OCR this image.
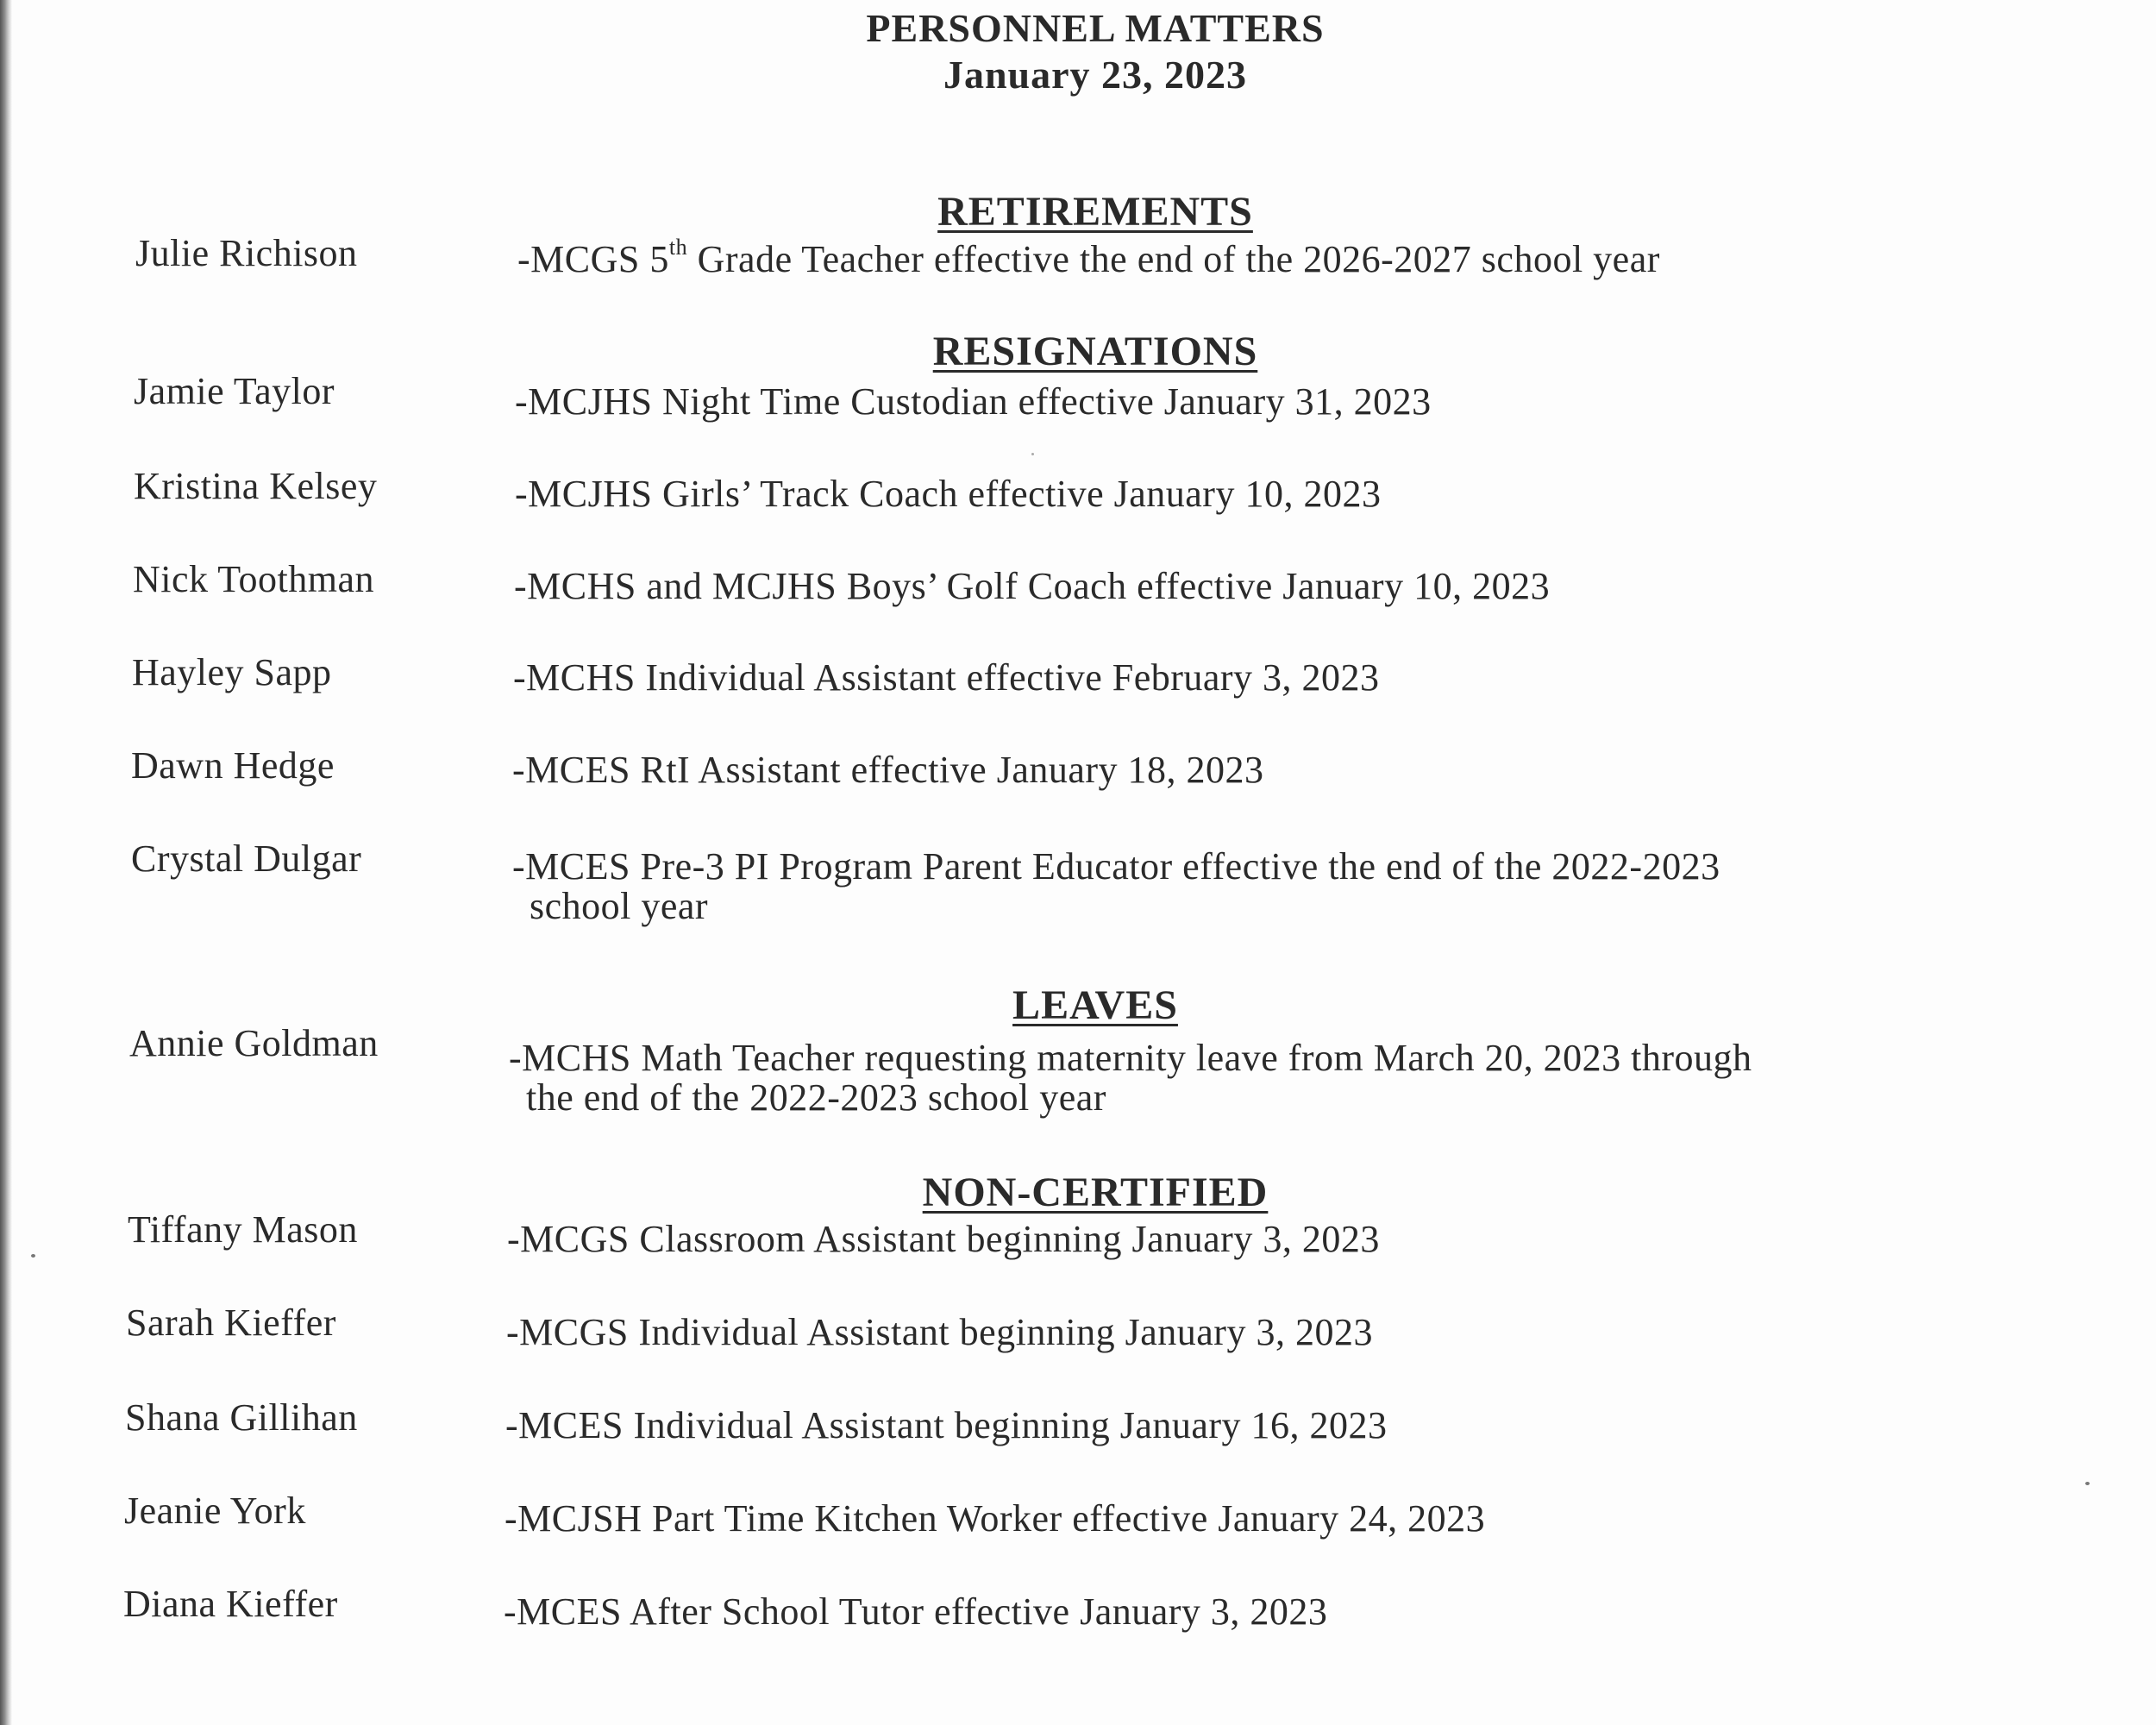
PERSONNEL MATTERS
January 23, 2023
RETIREMENTS
Julie Richison	-MCGS 5th Grade Teacher effective the end of the 2026-2027 school year
RESIGNATIONS
Jamie Taylor	-MCJHS Night Time Custodian effective January 31, 2023
Kristina Kelsey	-MCJHS Girls’ Track Coach effective January 10, 2023
Nick Toothman	-MCHS and MCJHS Boys’ Golf Coach effective January 10, 2023
Hayley Sapp	-MCHS Individual Assistant effective February 3, 2023
Dawn Hedge	-MCES RtI Assistant effective January 18, 2023
Crystal Dulgar	-MCES Pre-3 PI Program Parent Educator effective the end of the 2022-2023
school year
LEAVES
Annie Goldman	-MCHS Math Teacher requesting maternity leave from March 20, 2023 through
the end of the 2022-2023 school year
NON-CERTIFIED
Tiffany Mason	-MCGS Classroom Assistant beginning January 3, 2023
Sarah Kieffer	-MCGS Individual Assistant beginning January 3, 2023
Shana Gillihan	-MCES Individual Assistant beginning January 16, 2023
Jeanie York	-MCJSH Part Time Kitchen Worker effective January 24, 2023
Diana Kieffer	-MCES After School Tutor effective January 3, 2023
